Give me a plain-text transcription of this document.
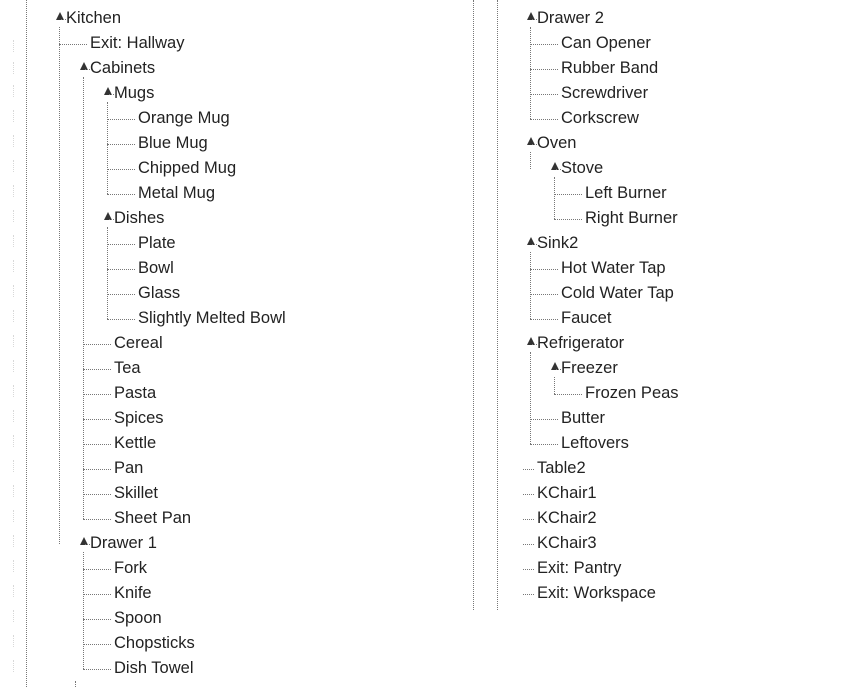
Kitchen
Exit: Hallway
Cabinets
Mugs
Orange Mug
Blue Mug
Chipped Mug
Metal Mug
Dishes
Plate
Bowl
Glass
Slightly Melted Bowl
Cereal
Tea
Pasta
Spices
Kettle
Pan
Skillet
Sheet Pan
Drawer 1
Fork
Knife
Spoon
Chopsticks
Dish Towel
Drawer 2
Can Opener
Rubber Band
Screwdriver
Corkscrew
Oven
Stove
Left Burner
Right Burner
Sink2
Hot Water Tap
Cold Water Tap
Faucet
Refrigerator
Freezer
Frozen Peas
Butter
Leftovers
Table2
KChair1
KChair2
KChair3
Exit: Pantry
Exit: Workspace
